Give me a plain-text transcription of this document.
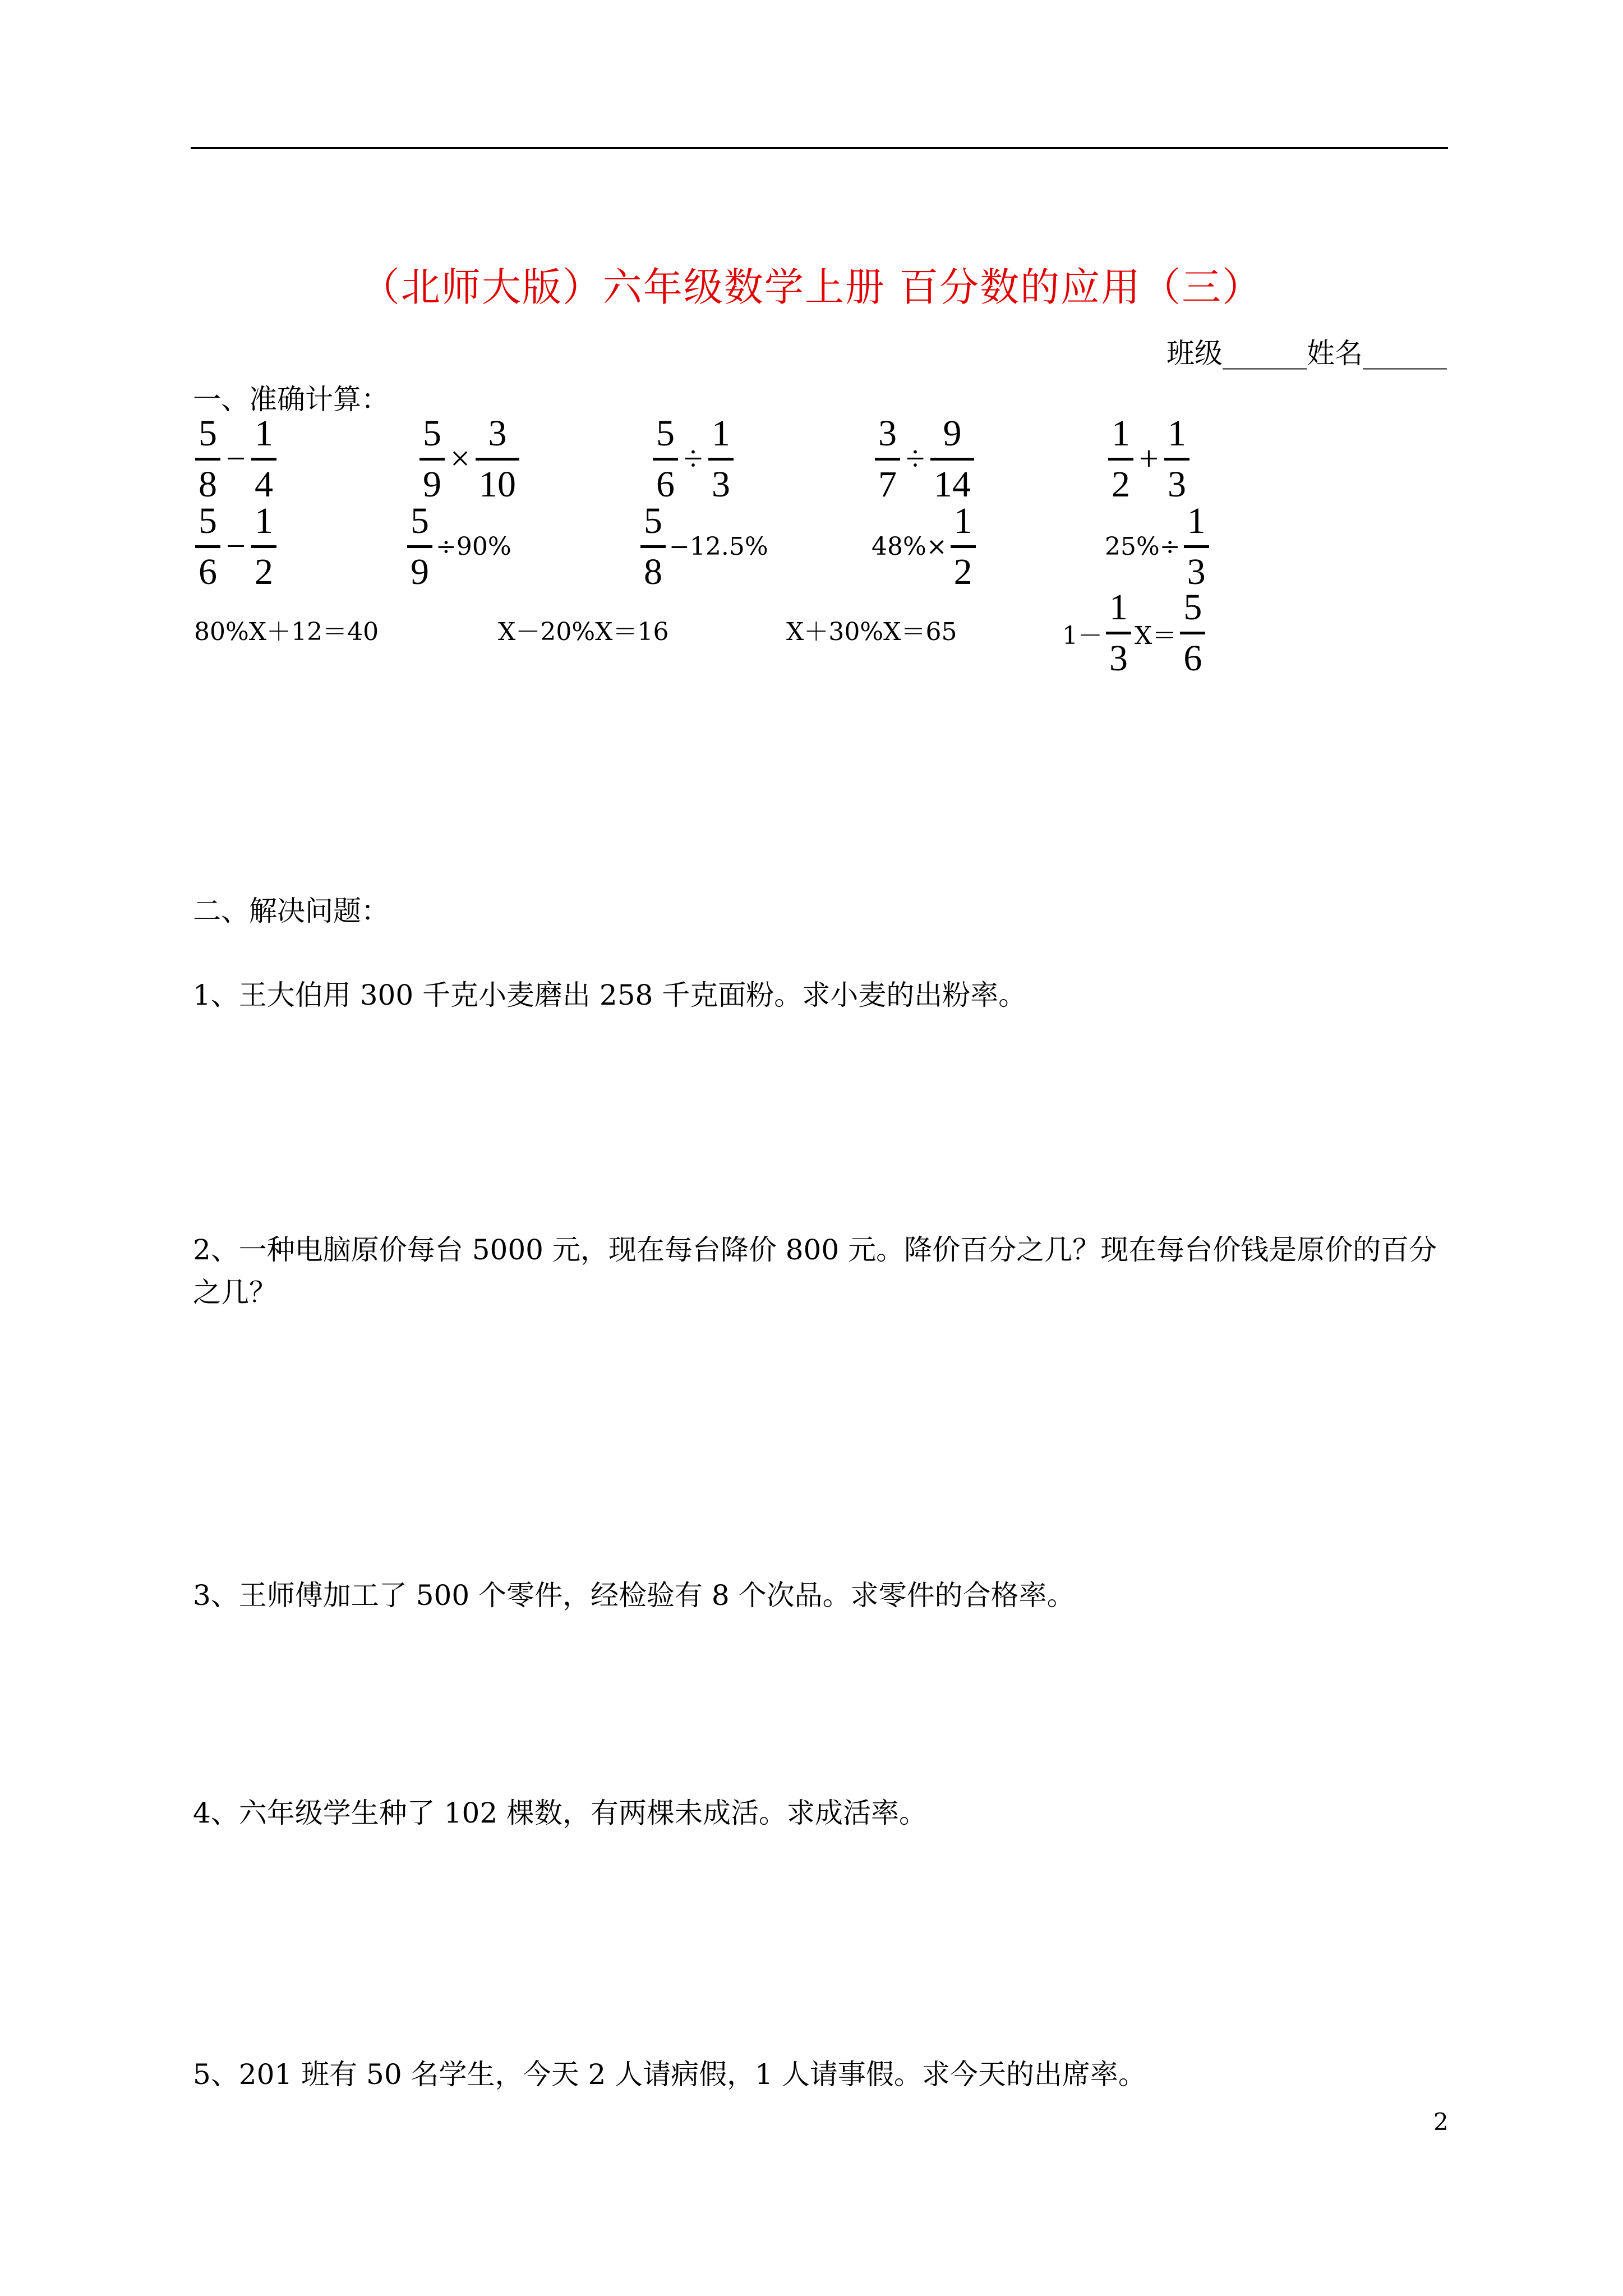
（北师大版）六年级数学上册 百分数的应用（三）
班级______姓名______
一、准确计算：
$\frac{5}{8} - \frac{1}{4}$	$\frac{5}{9} \times \frac{3}{10}$	$\frac{5}{6} \div \frac{1}{3}$	$\frac{3}{7} \div \frac{9}{14}$	$\frac{1}{2} + \frac{1}{3}$
$\frac{5}{6} - \frac{1}{2}$	$\frac{5}{9} \div 90\%$	$\frac{5}{8} -12.5\%$	$48\%\times \frac{1}{2}$	$25\%\div \frac{1}{3}$
80%X＋12＝40	X－20%X＝16	X＋30%X＝65	$1- \frac{1}{3} X= \frac{5}{6}$
二、解决问题：
1、王大伯用 300 千克小麦磨出 258 千克面粉。求小麦的出粉率。
2、一种电脑原价每台 5000 元，现在每台降价 800 元。降价百分之几？现在每台价钱是原价的百分之几？
3、王师傅加工了 500 个零件，经检验有 8 个次品。求零件的合格率。
4、六年级学生种了 102 棵数，有两棵未成活。求成活率。
5、201 班有 50 名学生，今天 2 人请病假，1 人请事假。求今天的出席率。
2
